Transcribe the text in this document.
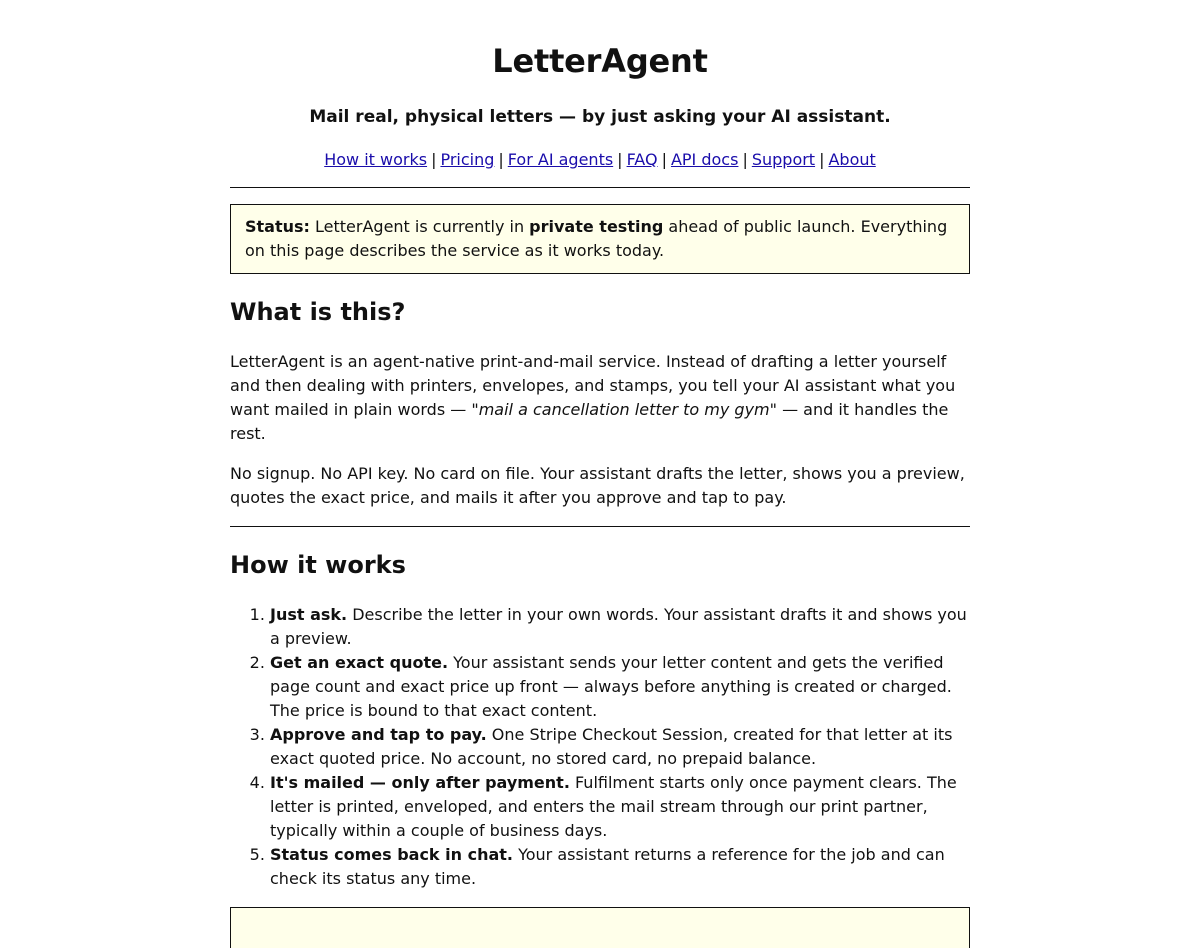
LetterAgent

Mail real, physical letters — by just asking your AI assistant.

How it works | Pricing | For AI agents | FAQ | API docs | Support | About
Status: LetterAgent is currently in private testing ahead of public launch. Everything on this page describes the service as it works today.
What is this?

LetterAgent is an agent-native print-and-mail service. Instead of drafting a letter yourself and then dealing with printers, envelopes, and stamps, you tell your AI assistant what you want mailed in plain words — "mail a cancellation letter to my gym" — and it handles the rest.

No signup. No API key. No card on file. Your assistant drafts the letter, shows you a preview, quotes the exact price, and mails it after you approve and tap to pay.

How it works
1. Just ask. Describe the letter in your own words. Your assistant drafts it and shows you a preview.
2. Get an exact quote. Your assistant sends your letter content and gets the verified page count and exact price up front — always before anything is created or charged. The price is bound to that exact content.
3. Approve and tap to pay. One Stripe Checkout Session, created for that letter at its exact quoted price. No account, no stored card, no prepaid balance.
4. It's mailed — only after payment. Fulfilment starts only once payment clears. The letter is printed, enveloped, and enters the mail stream through our print partner, typically within a couple of business days.
5. Status comes back in chat. Your assistant returns a reference for the job and can check its status any time.
